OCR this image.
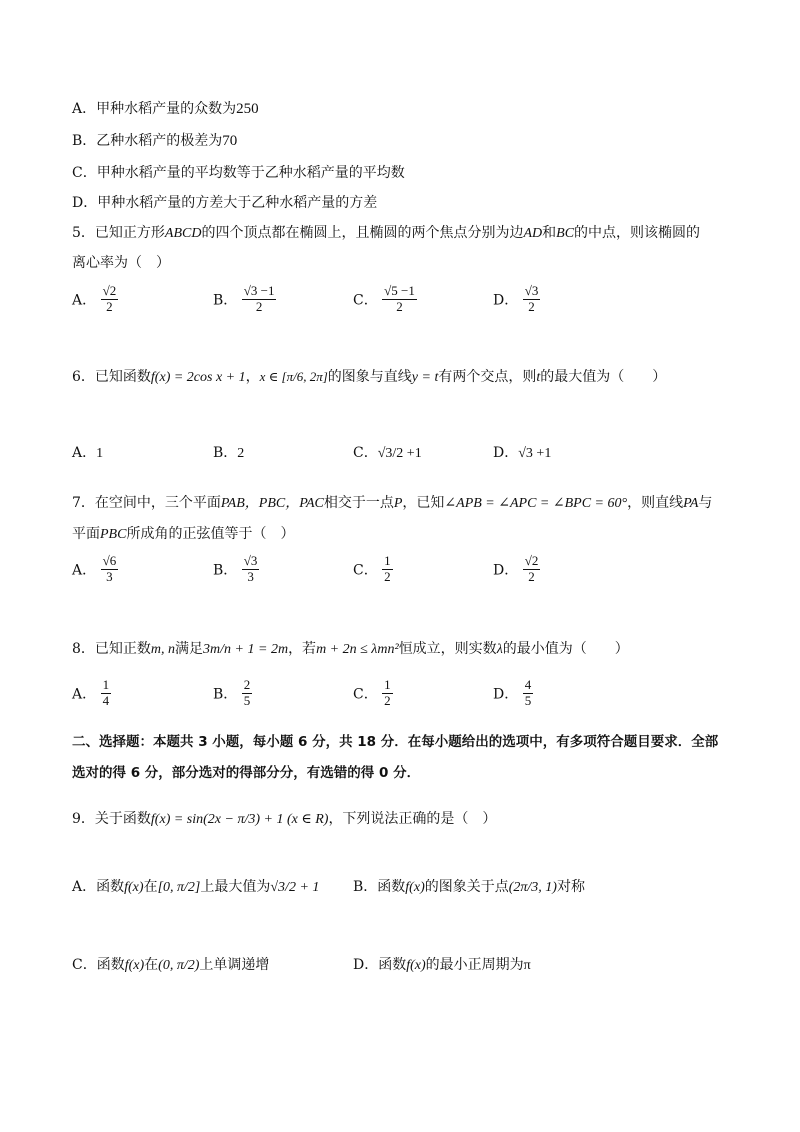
A．甲种水稻产量的众数为250
B．乙种水稻产的极差为70
C．甲种水稻产量的平均数等于乙种水稻产量的平均数
D．甲种水稻产量的方差大于乙种水稻产量的方差
5．已知正方形ABCD的四个顶点都在椭圆上，且椭圆的两个焦点分别为边AD和BC的中点，则该椭圆的
离心率为（　）
A． $\frac{√2}{2}$	B． $\frac{√3 -1}{2}$	C． $\frac{√5 -1}{2}$	D． $\frac{√3}{2}$
6．已知函数f(x) = 2cos x + 1，x ∈ [π/6, 2π]的图象与直线y = t有两个交点，则t的最大值为（　　）
A．1	B．2	C．√3/2 +1	D．√3 +1
7．在空间中，三个平面PAB，PBC，PAC相交于一点P，已知∠APB = ∠APC = ∠BPC = 60°，则直线PA与
平面PBC所成角的正弦值等于（　）
A． $\frac{√6}{3}$	B． $\frac{√3}{3}$	C． $\frac{1}{2}$	D． $\frac{√2}{2}$
8．已知正数m, n满足3m/n + 1 = 2m，若m + 2n ≤ λmn²恒成立，则实数λ的最小值为（　　）
A． $\frac{1}{4}$	B． $\frac{2}{5}$	C． $\frac{1}{2}$	D． $\frac{4}{5}$
二、选择题：本题共 3 小题，每小题 6 分，共 18 分．在每小题给出的选项中，有多项符合题目要求．全部
选对的得 6 分，部分选对的得部分分，有选错的得 0 分．
9．关于函数f(x) = sin(2x − π/3) + 1 (x ∈ R)，下列说法正确的是（　）
A．函数f(x)在[0, π/2]上最大值为√3/2 + 1 B．函数f(x)的图象关于点(2π/3, 1)对称
C．函数f(x)在(0, π/2)上单调递增	D．函数f(x)的最小正周期为π
